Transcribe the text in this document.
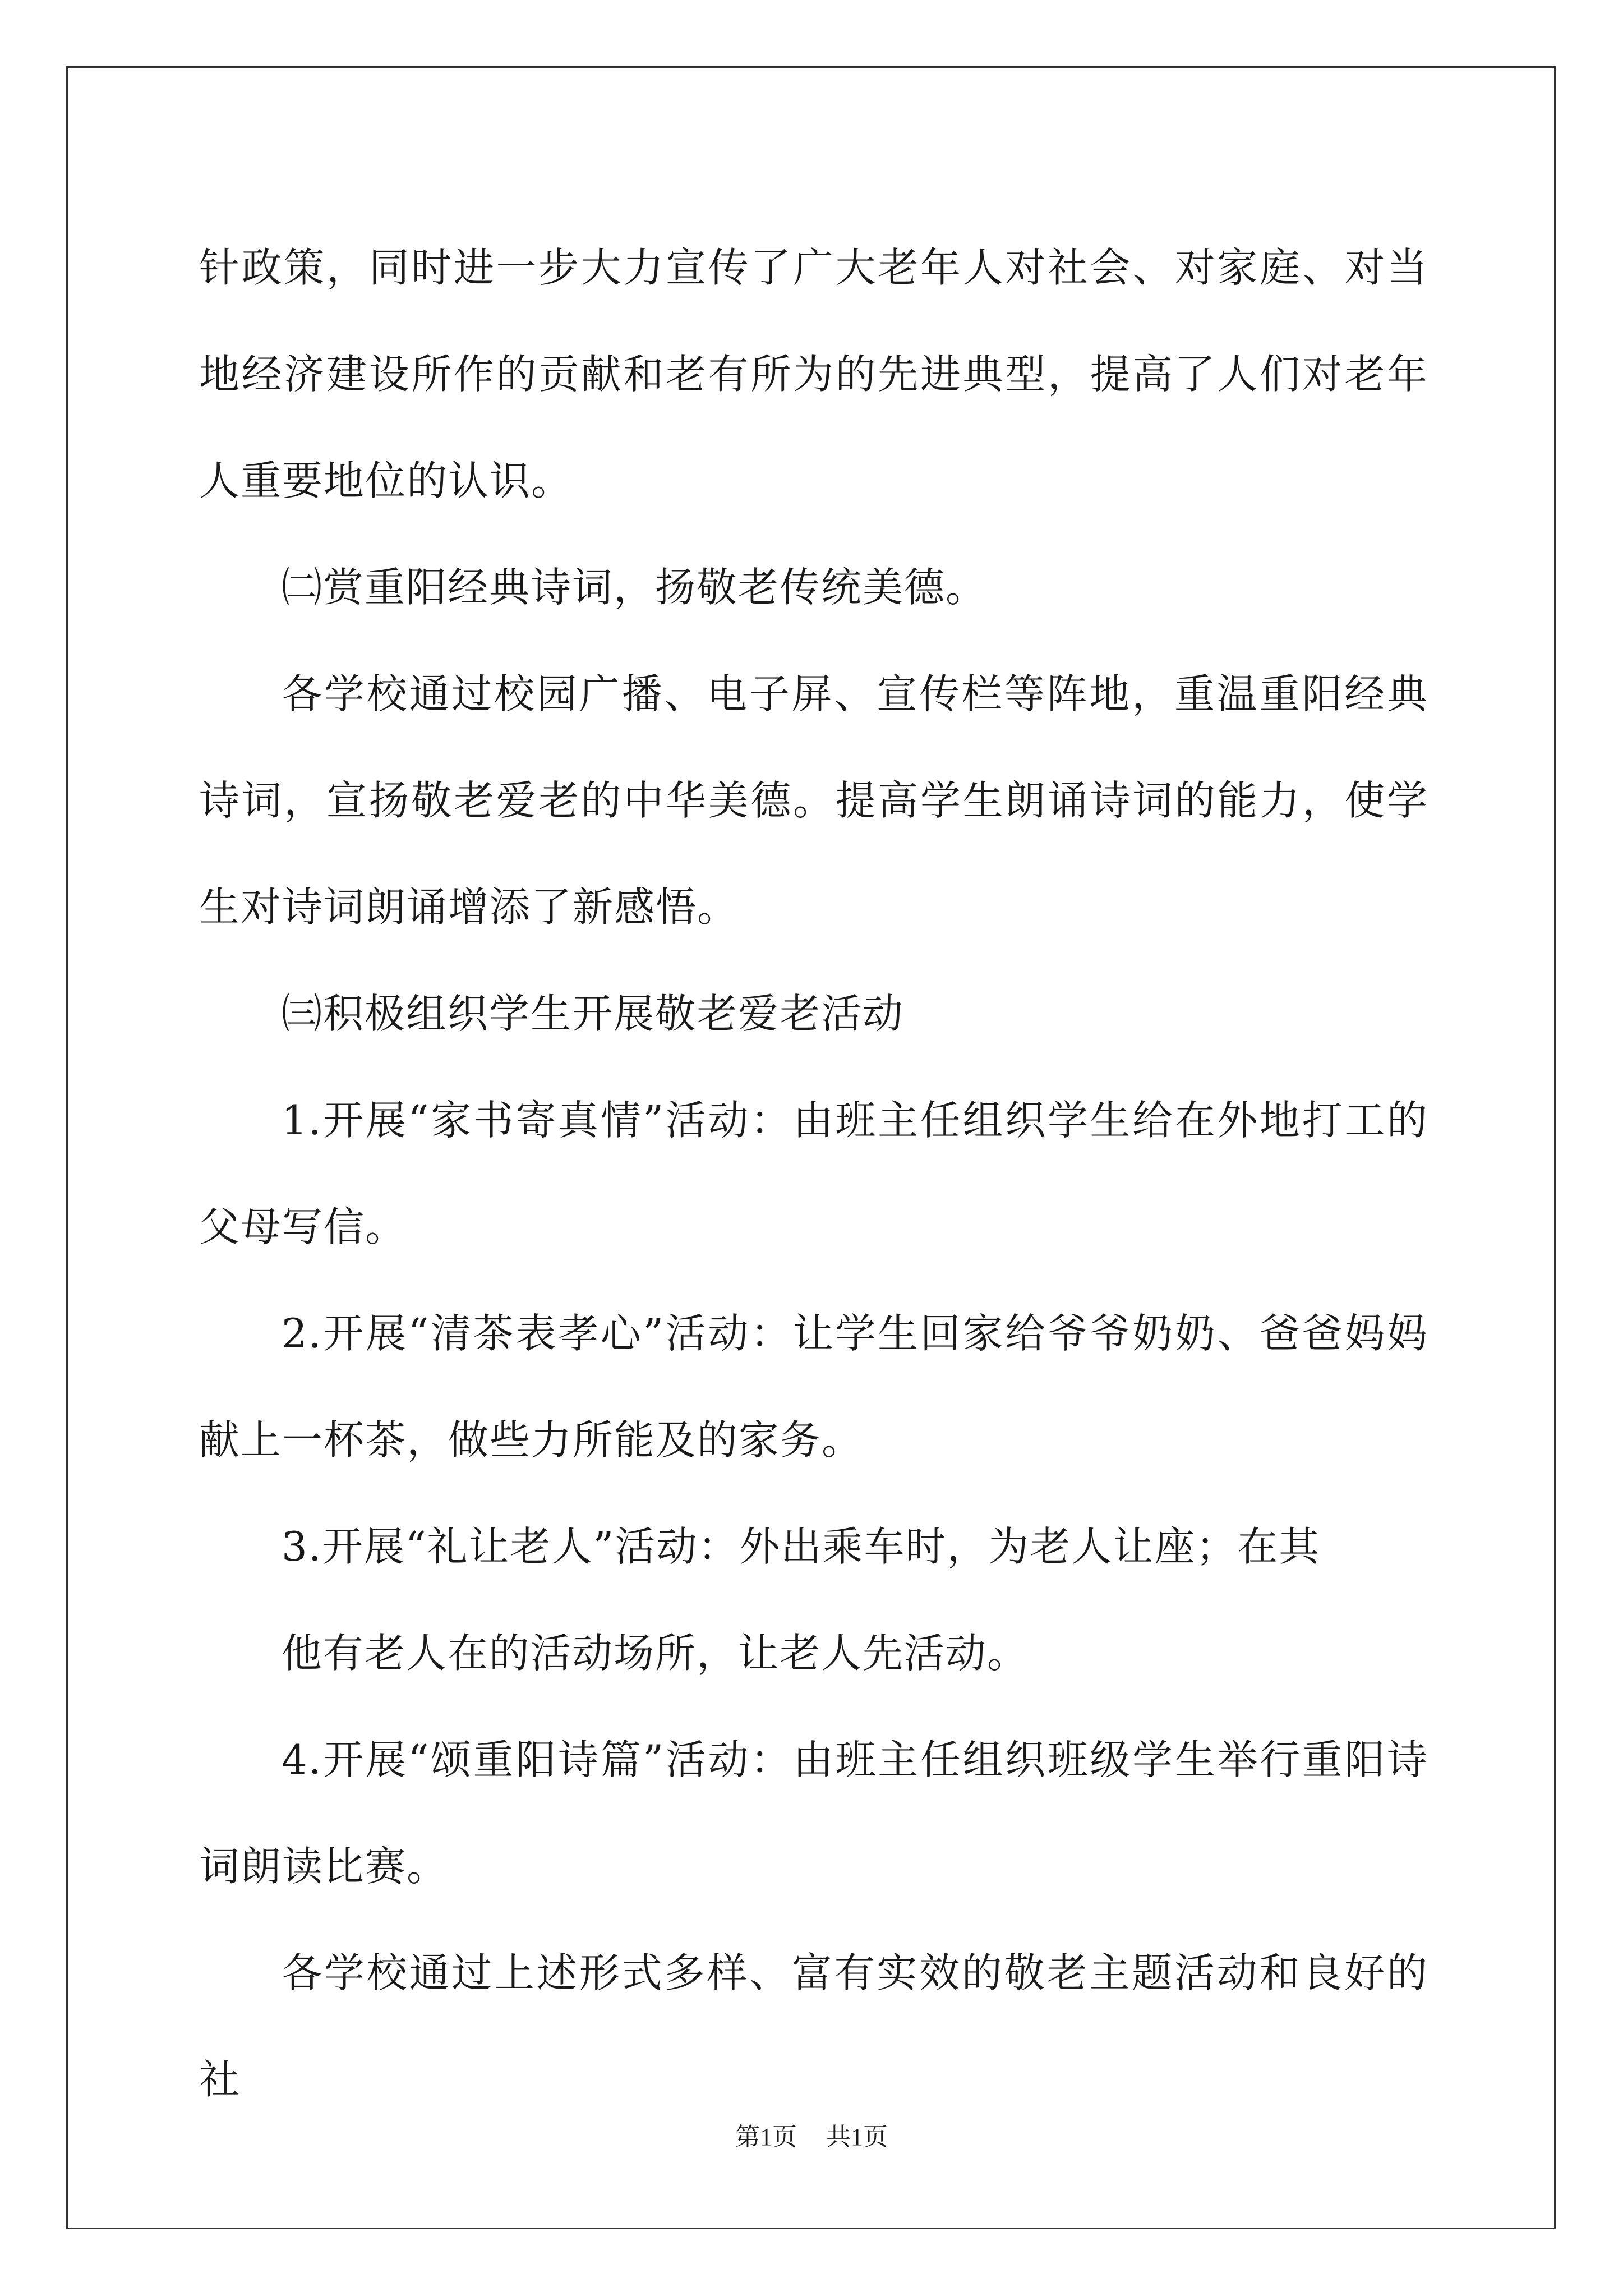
针政策，同时进一步大力宣传了广大老年人对社会、对家庭、对当地经济建设所作的贡献和老有所为的先进典型，提高了人们对老年人重要地位的认识。

㈡赏重阳经典诗词，扬敬老传统美德。

各学校通过校园广播、电子屏、宣传栏等阵地，重温重阳经典诗词，宣扬敬老爱老的中华美德。提高学生朗诵诗词的能力，使学生对诗词朗诵增添了新感悟。

㈢积极组织学生开展敬老爱老活动

1.开展“家书寄真情”活动：由班主任组织学生给在外地打工的父母写信。

2.开展“清茶表孝心”活动：让学生回家给爷爷奶奶、爸爸妈妈献上一杯茶，做些力所能及的家务。

3.开展“礼让老人”活动：外出乘车时，为老人让座；在其

他有老人在的活动场所，让老人先活动。

4.开展“颂重阳诗篇”活动：由班主任组织班级学生举行重阳诗词朗读比赛。

各学校通过上述形式多样、富有实效的敬老主题活动和良好的社

第1页 共1页
